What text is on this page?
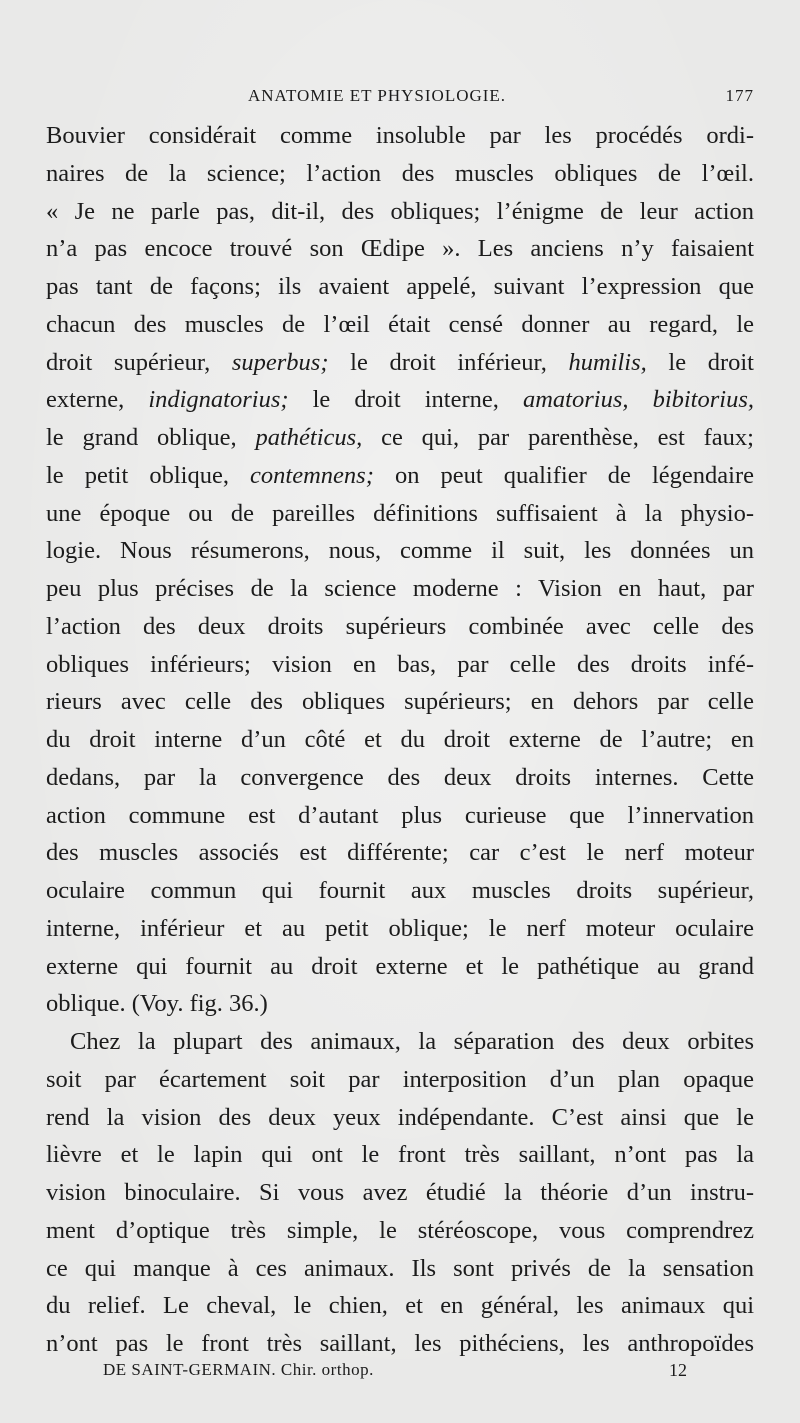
ANATOMIE ET PHYSIOLOGIE.	177
Bouvier considérait comme insoluble par les procédés ordi-
naires de la science; l’action des muscles obliques de l’œil.
« Je ne parle pas, dit-il, des obliques; l’énigme de leur action
n’a pas encoce trouvé son Œdipe ». Les anciens n’y faisaient
pas tant de façons; ils avaient appelé, suivant l’expression que
chacun des muscles de l’œil était censé donner au regard, le
droit supérieur, superbus; le droit inférieur, humilis, le droit
externe, indignatorius; le droit interne, amatorius, bibitorius,
le grand oblique, pathéticus, ce qui, par parenthèse, est faux;
le petit oblique, contemnens; on peut qualifier de légendaire
une époque ou de pareilles définitions suffisaient à la physio-
logie. Nous résumerons, nous, comme il suit, les données un
peu plus précises de la science moderne : Vision en haut, par
l’action des deux droits supérieurs combinée avec celle des
obliques inférieurs; vision en bas, par celle des droits infé-
rieurs avec celle des obliques supérieurs; en dehors par celle
du droit interne d’un côté et du droit externe de l’autre; en
dedans, par la convergence des deux droits internes. Cette
action commune est d’autant plus curieuse que l’innervation
des muscles associés est différente; car c’est le nerf moteur
oculaire commun qui fournit aux muscles droits supérieur,
interne, inférieur et au petit oblique; le nerf moteur oculaire
externe qui fournit au droit externe et le pathétique au grand
oblique. (Voy. fig. 36.)
Chez la plupart des animaux, la séparation des deux orbites
soit par écartement soit par interposition d’un plan opaque
rend la vision des deux yeux indépendante. C’est ainsi que le
lièvre et le lapin qui ont le front très saillant, n’ont pas la
vision binoculaire. Si vous avez étudié la théorie d’un instru-
ment d’optique très simple, le stéréoscope, vous comprendrez
ce qui manque à ces animaux. Ils sont privés de la sensation
du relief. Le cheval, le chien, et en général, les animaux qui
n’ont pas le front très saillant, les pithéciens, les anthropoïdes
DE SAINT-GERMAIN. Chir. orthop.	12
